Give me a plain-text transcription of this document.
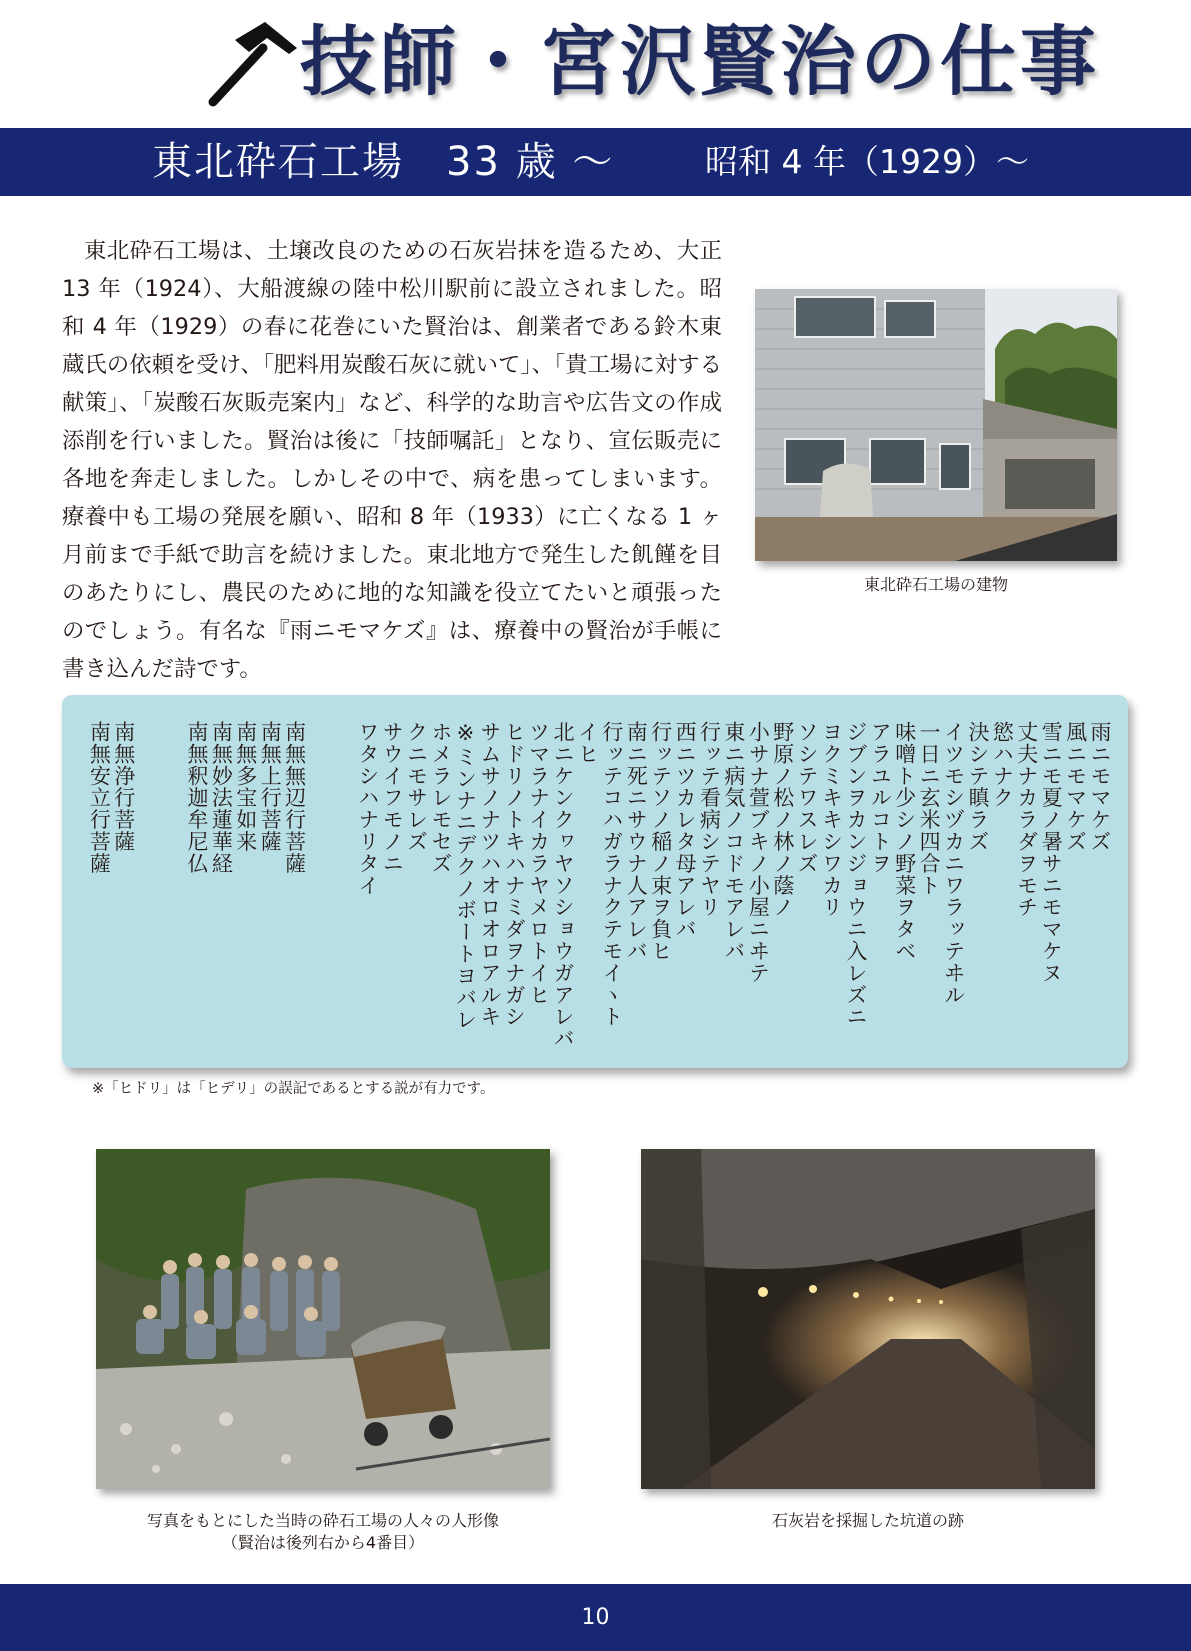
技師・宮沢賢治の仕事
東北砕石工場　33 歳 〜	昭和 4 年（1929）〜

東北砕石工場は、土壌改良のための石灰岩抹を造るため、大正 13 年（1924）、大船渡線の陸中松川駅前に設立されました。昭和 4 年（1929）の春に花巻にいた賢治は、創業者である鈴木東蔵氏の依頼を受け、「肥料用炭酸石灰に就いて」、「貴工場に対する献策」、「炭酸石灰販売案内」など、科学的な助言や広告文の作成添削を行いました。賢治は後に「技師嘱託」となり、宣伝販売に各地を奔走しました。しかしその中で、病を患ってしまいます。療養中も工場の発展を願い、昭和 8 年（1933）に亡くなる 1 ヶ月前まで手紙で助言を続けました。東北地方で発生した飢饉を目のあたりにし、農民のために地的な知識を役立てたいと頑張ったのでしょう。有名な『雨ニモマケズ』は、療養中の賢治が手帳に書き込んだ詩です。

東北砕石工場の建物
雨ニモマケズ
風ニモマケズ
雪ニモ夏ノ暑サニモマケヌ
丈夫ナカラダヲモチ
慾ハナク
決シテ瞋ラズ
イツモシヅカニワラッテヰル
一日ニ玄米四合ト
味噌ト少シノ野菜ヲタベ
アラユルコトヲ
ジブンヲカンジョウニ入レズニ
ヨクミキキシワカリ
ソシテワスレズ
野原ノ松ノ林ノ蔭ノ
小サナ萱ブキノ小屋ニヰテ
東ニ病気ノコドモアレバ
行ッテ看病シテヤリ
西ニツカレタ母アレバ
行ッテソノ稲ノ束ヲ負ヒ
南ニ死ニサウナ人アレバ
行ッテコハガラナクテモイヽト
イヒ
北ニケンクヮヤソショウガアレバ
ツマラナイカラヤメロトイヒ
ヒドリノトキハナミダヲナガシ
サムサノナツハオロオロアルキ
※ミンナニデクノボートヨバレ
ホメラレモセズ
クニモサレズ
サウイフモノニ
ワタシハナリタイ

南無無辺行菩薩
南無上行菩薩
南無多宝如来
南無妙法蓮華経
南無釈迦牟尼仏

南無浄行菩薩
南無安立行菩薩
※「ヒドリ」は「ヒデリ」の誤記であるとする説が有力です。
写真をもとにした当時の砕石工場の人々の人形像
（賢治は後列右から4番目）
石灰岩を採掘した坑道の跡
10
